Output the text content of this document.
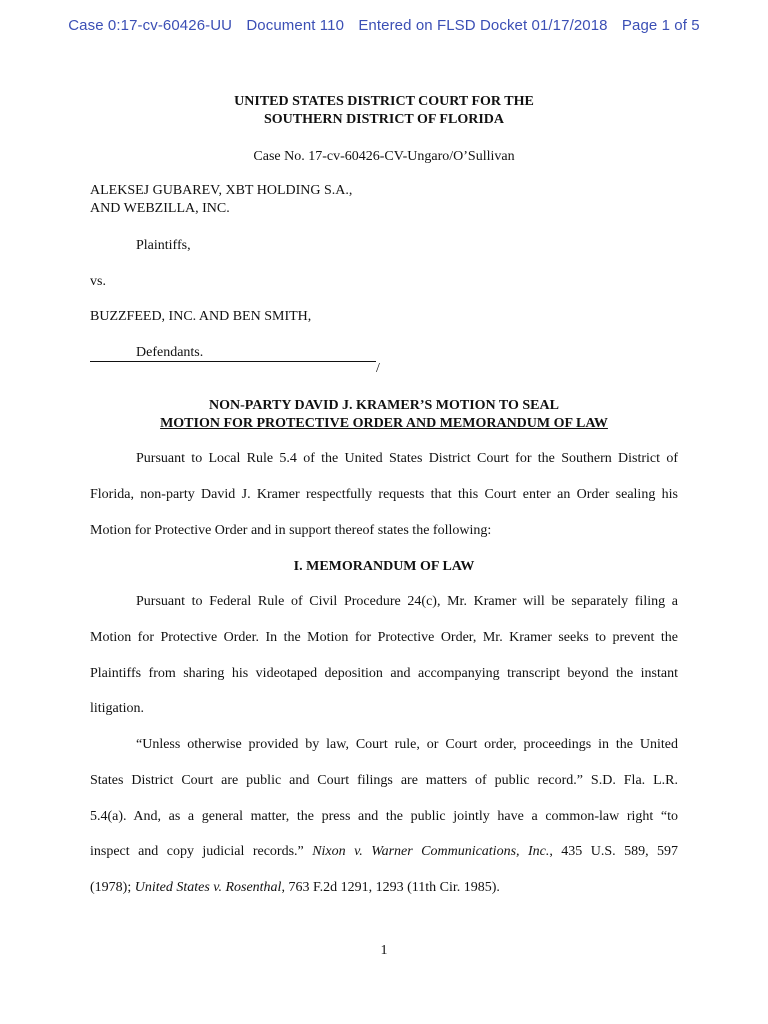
Case 0:17-cv-60426-UU Document 110 Entered on FLSD Docket 01/17/2018 Page 1 of 5
UNITED STATES DISTRICT COURT FOR THE
SOUTHERN DISTRICT OF FLORIDA
Case No. 17-cv-60426-CV-Ungaro/O’Sullivan
ALEKSEJ GUBAREV, XBT HOLDING S.A.,
AND WEBZILLA, INC.
Plaintiffs,
vs.
BUZZFEED, INC. AND BEN SMITH,
Defendants.
/
NON-PARTY DAVID J. KRAMER’S MOTION TO SEAL
MOTION FOR PROTECTIVE ORDER AND MEMORANDUM OF LAW
Pursuant to Local Rule 5.4 of the United States District Court for the Southern District of
Florida, non-party David J. Kramer respectfully requests that this Court enter an Order sealing his
Motion for Protective Order and in support thereof states the following:
I. MEMORANDUM OF LAW
Pursuant to Federal Rule of Civil Procedure 24(c), Mr. Kramer will be separately filing a
Motion for Protective Order. In the Motion for Protective Order, Mr. Kramer seeks to prevent the
Plaintiffs from sharing his videotaped deposition and accompanying transcript beyond the instant
litigation.
“Unless otherwise provided by law, Court rule, or Court order, proceedings in the United
States District Court are public and Court filings are matters of public record.” S.D. Fla. L.R.
5.4(a). And, as a general matter, the press and the public jointly have a common-law right “to
inspect and copy judicial records.” Nixon v. Warner Communications, Inc., 435 U.S. 589, 597
(1978); United States v. Rosenthal, 763 F.2d 1291, 1293 (11th Cir. 1985).
1
